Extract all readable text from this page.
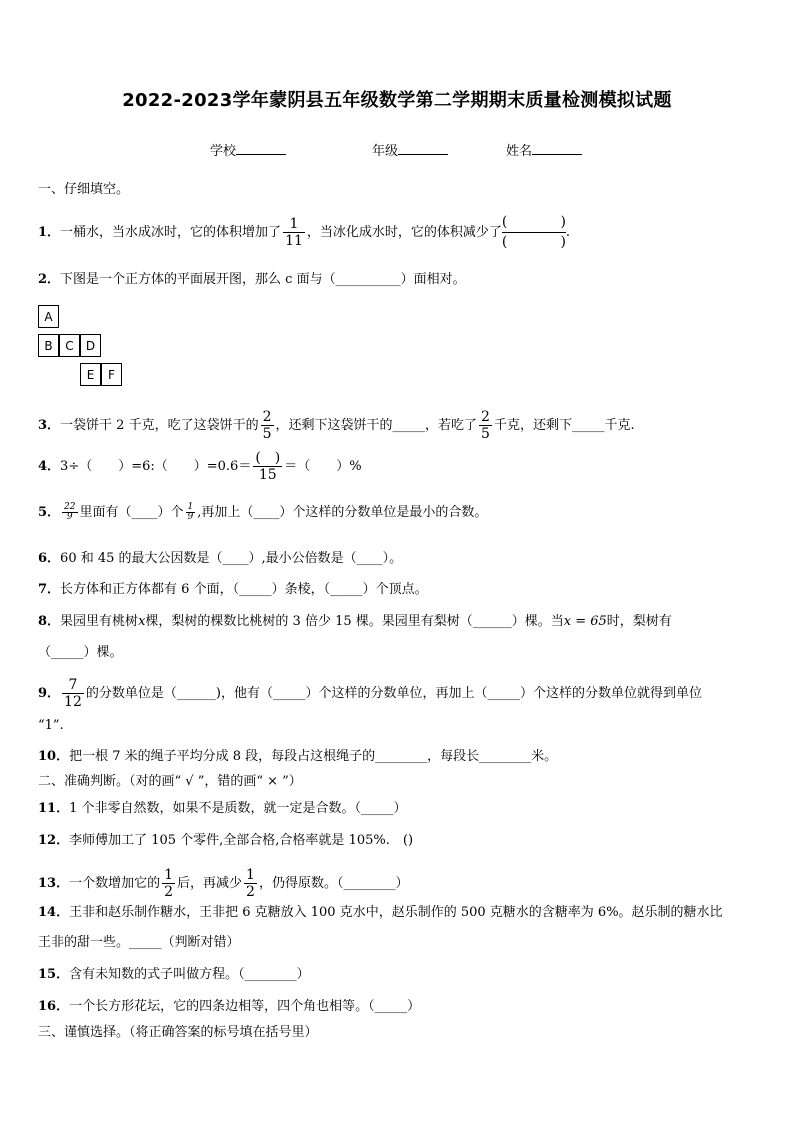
2022-2023学年蒙阴县五年级数学第二学期期末质量检测模拟试题
学校	年级	姓名
一、仔细填空。
1．一桶水，当水成冰时，它的体积增加了 $\frac{1}{11}$ ，当冰化成水时，它的体积减少了 (	)
(	) .
2．下图是一个正方体的平面展开图，那么 c 面与（__________）面相对。
A
B	C	D
E	F
3．一袋饼干 2 千克，吃了这袋饼干的 $\frac{2}{5}$ ，还剩下这袋饼干的_____，若吃了 $\frac{2}{5}$ 千克，还剩下_____千克.
4．3÷（　　）=6:（　　）$=0.6= \frac{( )}{15}$ ＝（　　）%
5． $\frac{22}{9}$ 里面有（____）个 $\frac{1}{9}$ ,再加上（____）个这样的分数单位是最小的合数。
6．60 和 45 的最大公因数是（____）,最小公倍数是（____）。
7．长方体和正方体都有 6 个面，（_____）条棱，（_____）个顶点。
8．果园里有桃树x棵，梨树的棵数比桃树的 3 倍少 15 棵。果园里有梨树（______）棵。当x = 65时，梨树有
（_____）棵。
9． $\frac{7}{12}$ 的分数单位是（______)，他有（_____）个这样的分数单位，再加上（_____）个这样的分数单位就得到单位
“1”.
10．把一根 7 米的绳子平均分成 8 段，每段占这根绳子的________，每段长________米。
二、准确判断。（对的画“ √ ”，错的画“ × ”）
11．1 个非零自然数，如果不是质数，就一定是合数。（_____）
12．李师傅加工了 105 个零件,全部合格,合格率就是 105%.　()
13．一个数增加它的 $\frac{1}{2}$ 后，再减少 $\frac{1}{2}$ ，仍得原数。（________）
14．王非和赵乐制作糖水，王非把 6 克糖放入 100 克水中，赵乐制作的 500 克糖水的含糖率为 6%。赵乐制的糖水比
王非的甜一些。_____（判断对错）
15．含有未知数的式子叫做方程。（________）
16．一个长方形花坛，它的四条边相等，四个角也相等。（_____）
三、谨慎选择。（将正确答案的标号填在括号里）
